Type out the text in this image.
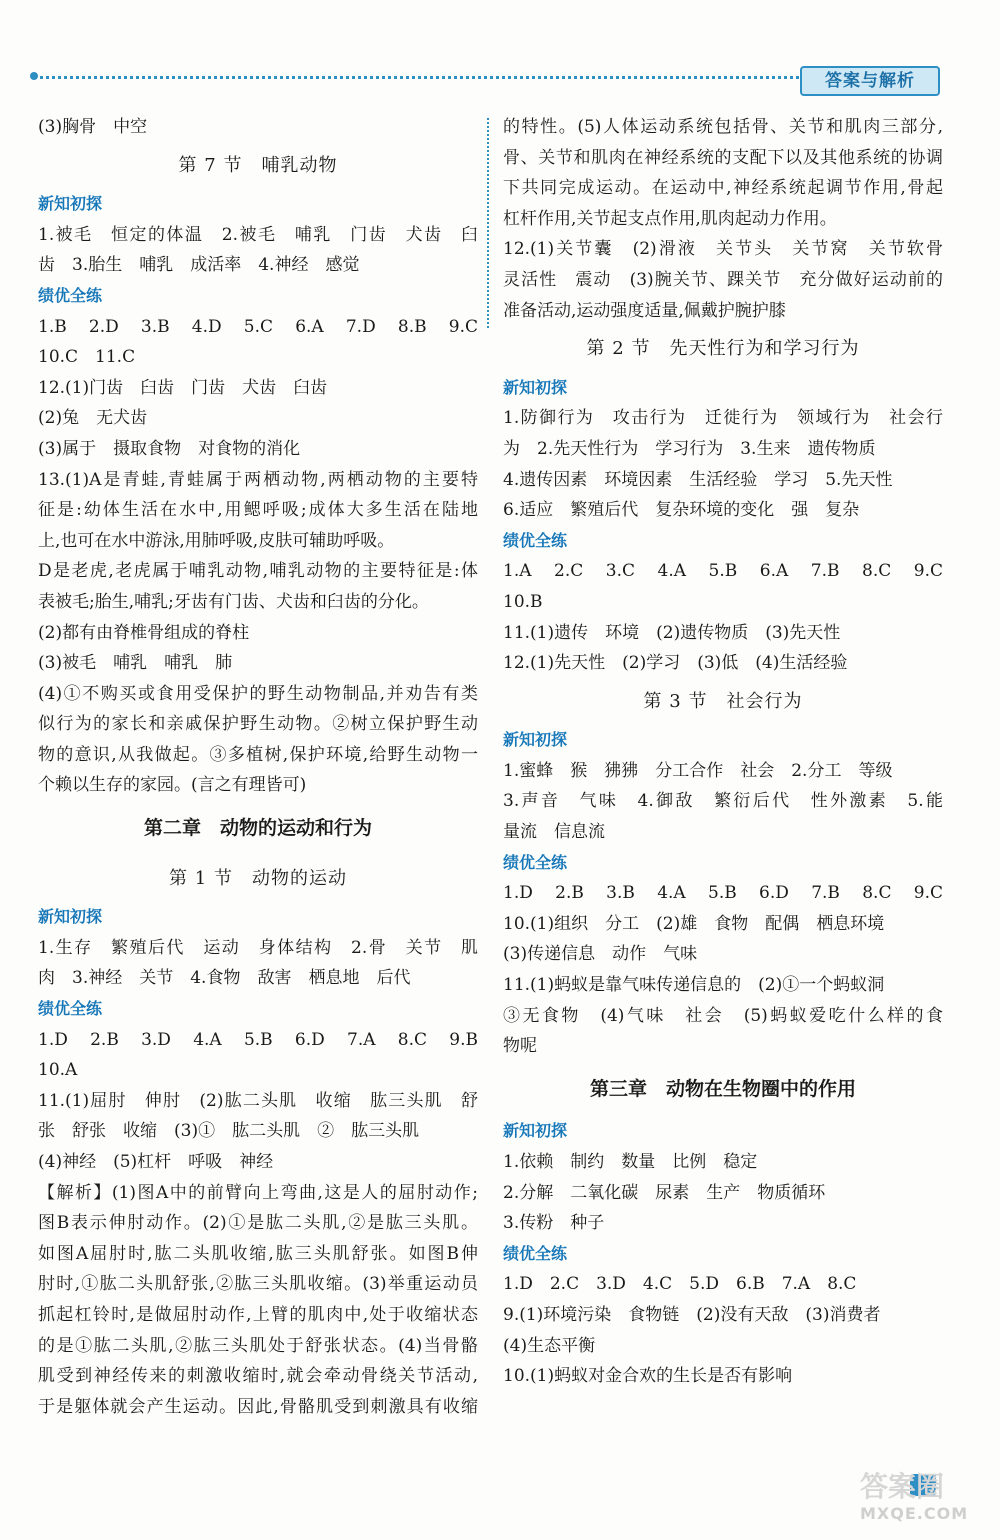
答案与解析
(3)胸骨　中空
第 7 节　哺乳动物
新知初探
1.被毛　恒定的体温　2.被毛　哺乳　门齿　犬齿　臼
齿　3.胎生　哺乳　成活率　4.神经　感觉
绩优全练
1.B　2.D　3.B　4.D　5.C　6.A　7.D　8.B　9.C
10.C　11.C
12.(1)门齿　臼齿　门齿　犬齿　臼齿
(2)兔　无犬齿
(3)属于　摄取食物　对食物的消化
13.(1)A是青蛙,青蛙属于两栖动物,两栖动物的主要特
征是:幼体生活在水中,用鳃呼吸;成体大多生活在陆地
上,也可在水中游泳,用肺呼吸,皮肤可辅助呼吸。
D是老虎,老虎属于哺乳动物,哺乳动物的主要特征是:体
表被毛;胎生,哺乳;牙齿有门齿、犬齿和臼齿的分化。
(2)都有由脊椎骨组成的脊柱
(3)被毛　哺乳　哺乳　肺
(4)①不购买或食用受保护的野生动物制品,并劝告有类
似行为的家长和亲戚保护野生动物。②树立保护野生动
物的意识,从我做起。③多植树,保护环境,给野生动物一
个赖以生存的家园。(言之有理皆可)
第二章　动物的运动和行为
第 1 节　动物的运动
新知初探
1.生存　繁殖后代　运动　身体结构　2.骨　关节　肌
肉　3.神经　关节　4.食物　敌害　栖息地　后代
绩优全练
1.D　2.B　3.D　4.A　5.B　6.D　7.A　8.C　9.B
10.A
11.(1)屈肘　伸肘　(2)肱二头肌　收缩　肱三头肌　舒
张　舒张　收缩　(3)①　肱二头肌　②　肱三头肌
(4)神经　(5)杠杆　呼吸　神经
【解析】(1)图A中的前臂向上弯曲,这是人的屈肘动作;
图B表示伸肘动作。(2)①是肱二头肌,②是肱三头肌。
如图A屈肘时,肱二头肌收缩,肱三头肌舒张。如图B伸
肘时,①肱二头肌舒张,②肱三头肌收缩。(3)举重运动员
抓起杠铃时,是做屈肘动作,上臂的肌肉中,处于收缩状态
的是①肱二头肌,②肱三头肌处于舒张状态。(4)当骨骼
肌受到神经传来的刺激收缩时,就会牵动骨绕关节活动,
于是躯体就会产生运动。因此,骨骼肌受到刺激具有收缩
的特性。(5)人体运动系统包括骨、关节和肌肉三部分,
骨、关节和肌肉在神经系统的支配下以及其他系统的协调
下共同完成运动。在运动中,神经系统起调节作用,骨起
杠杆作用,关节起支点作用,肌肉起动力作用。
12.(1)关节囊　(2)滑液　关节头　关节窝　关节软骨
灵活性　震动　(3)腕关节、踝关节　充分做好运动前的
准备活动,运动强度适量,佩戴护腕护膝
第 2 节　先天性行为和学习行为
新知初探
1.防御行为　攻击行为　迁徙行为　领域行为　社会行
为　2.先天性行为　学习行为　3.生来　遗传物质
4.遗传因素　环境因素　生活经验　学习　5.先天性
6.适应　繁殖后代　复杂环境的变化　强　复杂
绩优全练
1.A　2.C　3.C　4.A　5.B　6.A　7.B　8.C　9.C
10.B
11.(1)遗传　环境　(2)遗传物质　(3)先天性
12.(1)先天性　(2)学习　(3)低　(4)生活经验
第 3 节　社会行为
新知初探
1.蜜蜂　猴　狒狒　分工合作　社会　2.分工　等级
3.声音　气味　4.御敌　繁衍后代　性外激素　5.能
量流　信息流
绩优全练
1.D　2.B　3.B　4.A　5.B　6.D　7.B　8.C　9.C
10.(1)组织　分工　(2)雄　食物　配偶　栖息环境
(3)传递信息　动作　气味
11.(1)蚂蚁是靠气味传递信息的　(2)①一个蚂蚁洞
③无食物　(4)气味　社会　(5)蚂蚁爱吃什么样的食
物呢
第三章　动物在生物圈中的作用
新知初探
1.依赖　制约　数量　比例　稳定
2.分解　二氧化碳　尿素　生产　物质循环
3.传粉　种子
绩优全练
1.D　2.C　3.D　4.C　5.D　6.B　7.A　8.C
9.(1)环境污染　食物链　(2)没有天敌　(3)消费者
(4)生态平衡
10.(1)蚂蚁对金合欢的生长是否有影响
答案圈
MXQE.COM
